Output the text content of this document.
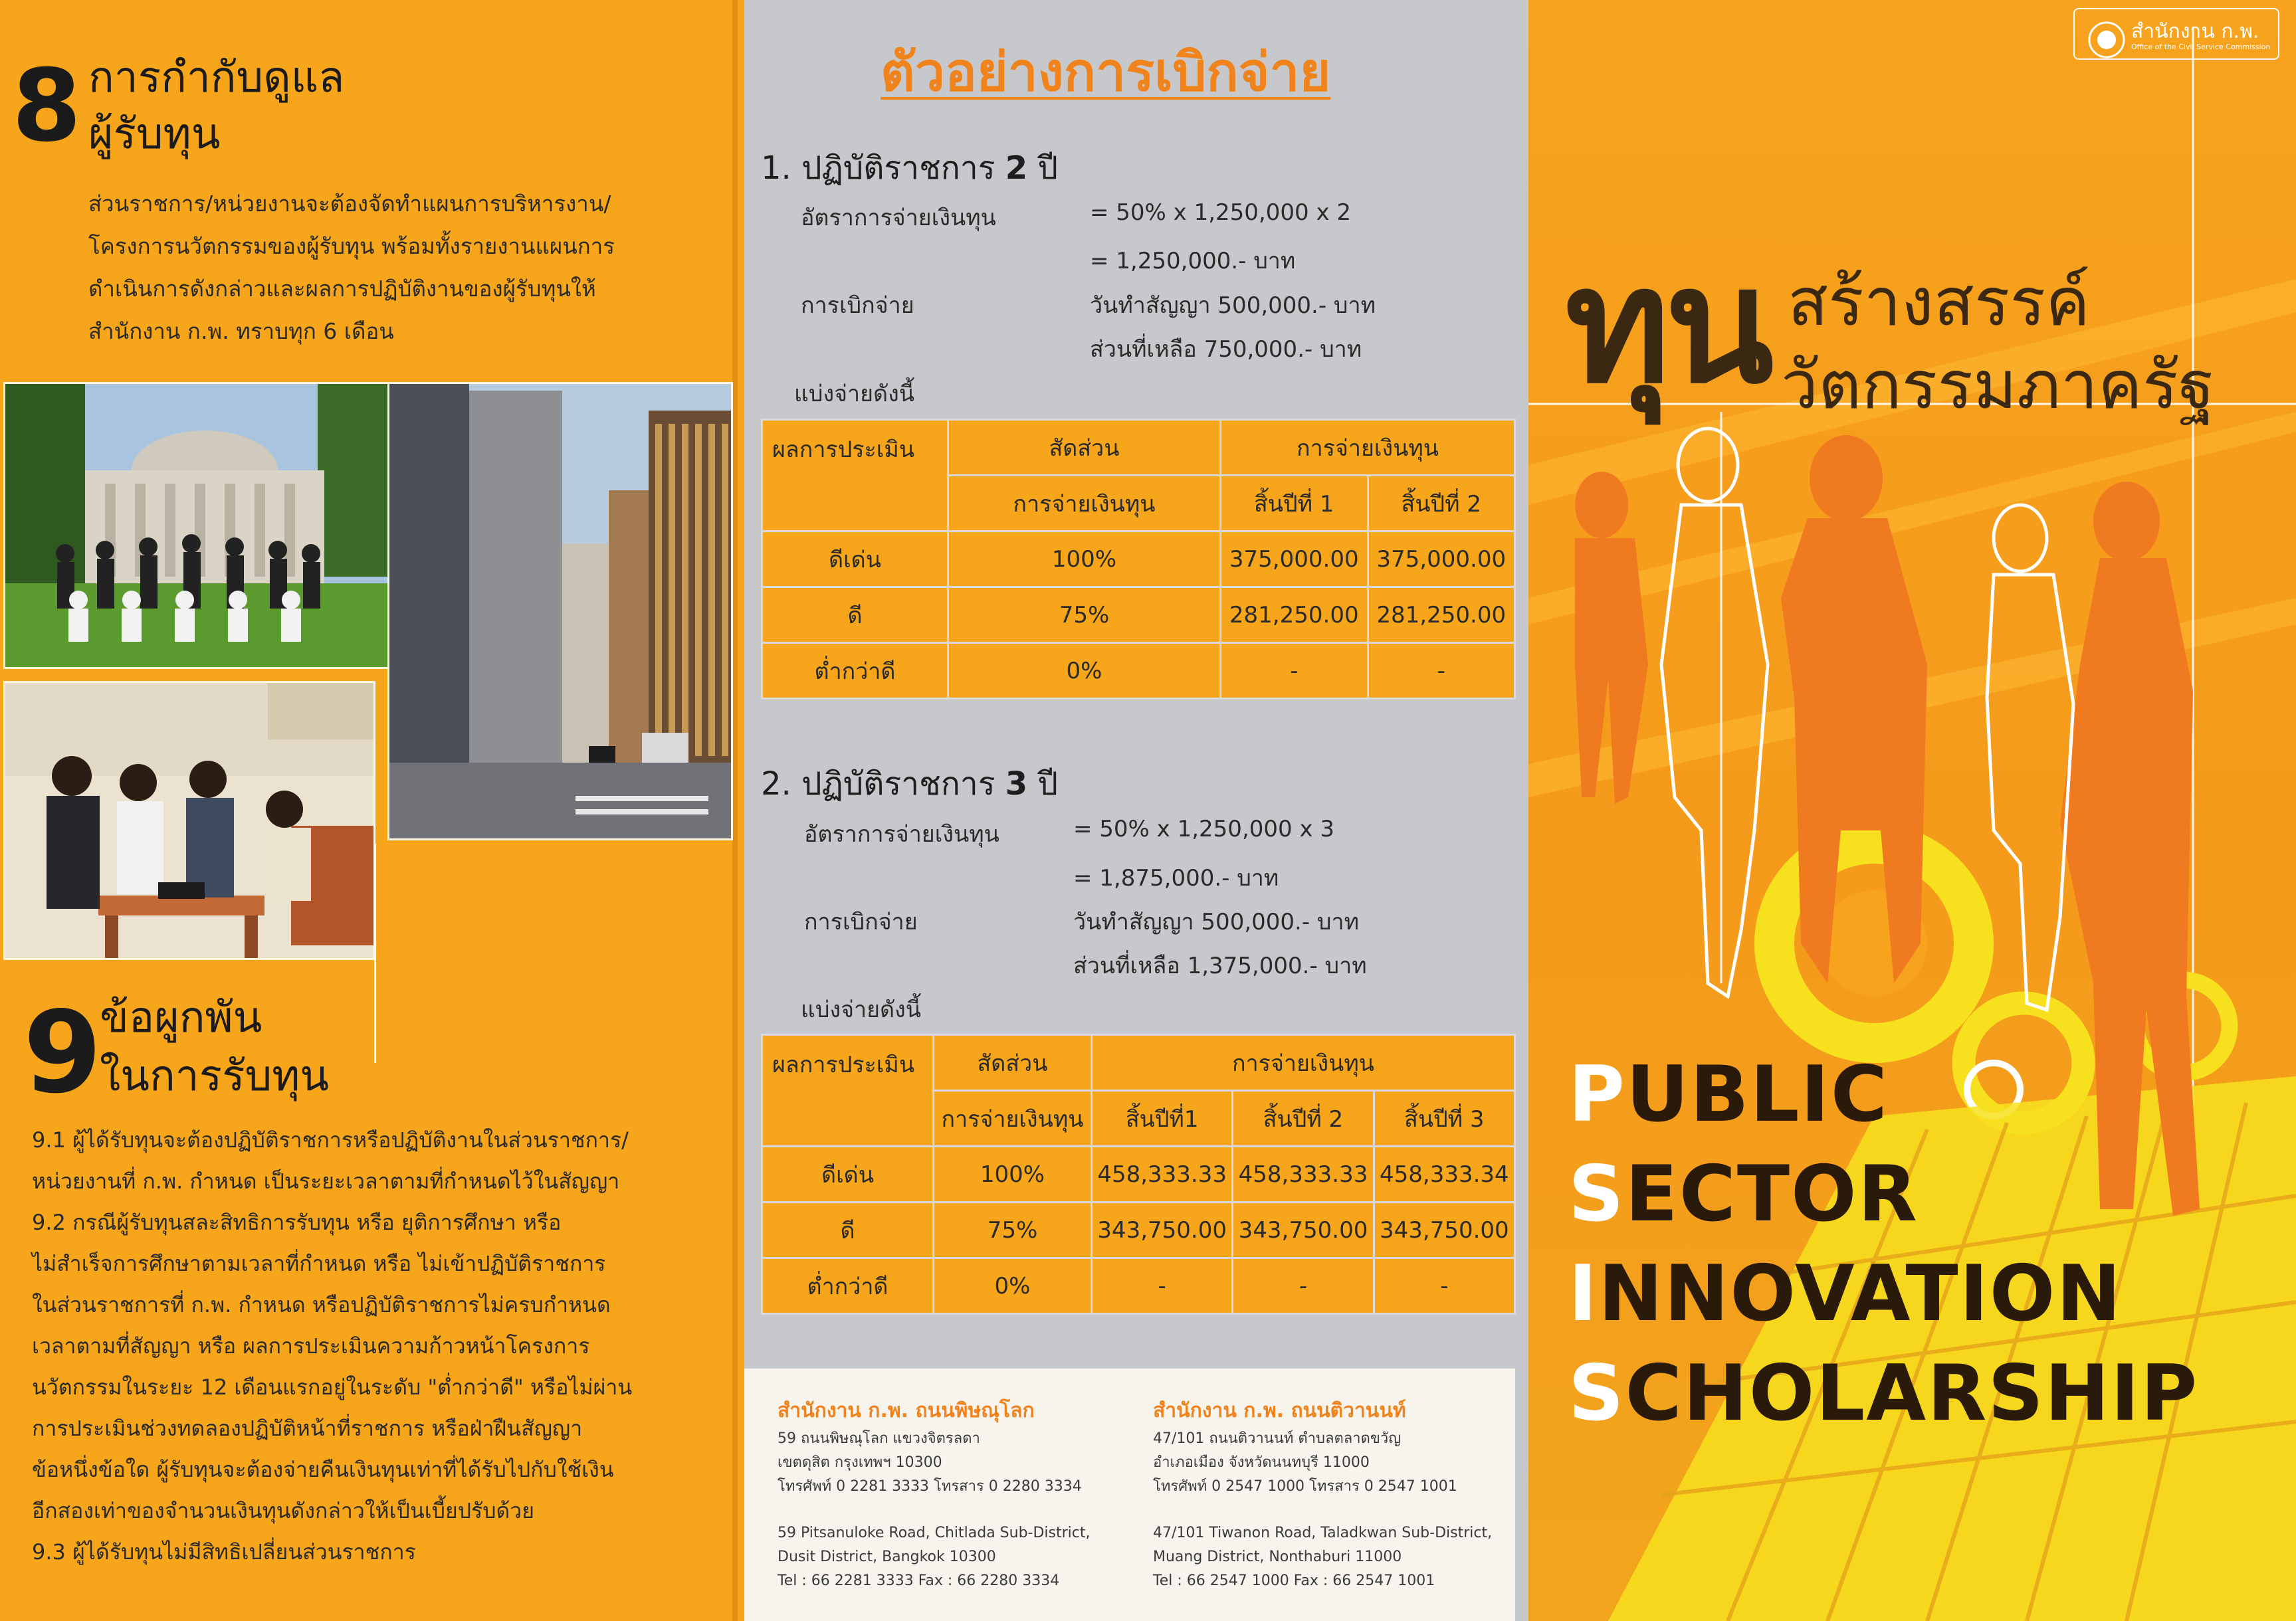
8 การกำกับดูแล
ผู้รับทุน
ส่วนราชการ/หน่วยงานจะต้องจัดทำแผนการบริหารงาน/
โครงการนวัตกรรมของผู้รับทุน พร้อมทั้งรายงานแผนการ
ดำเนินการดังกล่าวและผลการปฏิบัติงานของผู้รับทุนให้
สำนักงาน ก.พ. ทราบทุก 6 เดือน
9
ข้อผูกพัน
ในการรับทุน
9.1 ผู้ได้รับทุนจะต้องปฏิบัติราชการหรือปฏิบัติงานในส่วนราชการ/
หน่วยงานที่ ก.พ. กำหนด เป็นระยะเวลาตามที่กำหนดไว้ในสัญญา
9.2 กรณีผู้รับทุนสละสิทธิการรับทุน หรือ ยุติการศึกษา หรือ
ไม่สำเร็จการศึกษาตามเวลาที่กำหนด หรือ ไม่เข้าปฏิบัติราชการ
ในส่วนราชการที่ ก.พ. กำหนด หรือปฏิบัติราชการไม่ครบกำหนด
เวลาตามที่สัญญา หรือ ผลการประเมินความก้าวหน้าโครงการ
นวัตกรรมในระยะ 12 เดือนแรกอยู่ในระดับ "ต่ำกว่าดี" หรือไม่ผ่าน
การประเมินช่วงทดลองปฏิบัติหน้าที่ราชการ หรือฝ่าฝืนสัญญา
ข้อหนึ่งข้อใด ผู้รับทุนจะต้องจ่ายคืนเงินทุนเท่าที่ได้รับไปกับใช้เงิน
อีกสองเท่าของจำนวนเงินทุนดังกล่าวให้เป็นเบี้ยปรับด้วย
9.3 ผู้ได้รับทุนไม่มีสิทธิเปลี่ยนส่วนราชการ
ตัวอย่างการเบิกจ่าย
1. ปฏิบัติราชการ 2 ปี
อัตราการจ่ายเงินทุน	= 50% x 1,250,000 x 2
= 1,250,000.- บาท
การเบิกจ่าย	วันทำสัญญา 500,000.- บาท
ส่วนที่เหลือ 750,000.- บาท
แบ่งจ่ายดังนี้
ผลการประเมิน	สัดส่วน	การจ่ายเงินทุน	
	การจ่ายเงินทุน	สิ้นปีที่ 1	สิ้นปีที่ 2
ดีเด่น	100%	375,000.00	375,000.00
ดี	75%	281,250.00	281,250.00
ต่ำกว่าดี	0%	-	-
2. ปฏิบัติราชการ 3 ปี
อัตราการจ่ายเงินทุน	= 50% x 1,250,000 x 3
= 1,875,000.- บาท
การเบิกจ่าย	วันทำสัญญา 500,000.- บาท
ส่วนที่เหลือ 1,375,000.- บาท
แบ่งจ่ายดังนี้
ผลการประเมิน	สัดส่วน	การจ่ายเงินทุน		
	การจ่ายเงินทุน	สิ้นปีที่1	สิ้นปีที่ 2	สิ้นปีที่ 3
ดีเด่น	100%	458,333.33	458,333.33	458,333.34
ดี	75%	343,750.00	343,750.00	343,750.00
ต่ำกว่าดี	0%	-	-	-
สำนักงาน ก.พ. ถนนพิษณุโลก
59 ถนนพิษณุโลก แขวงจิตรลดา
เขตดุสิต กรุงเทพฯ 10300
โทรศัพท์ 0 2281 3333 โทรสาร 0 2280 3334
59 Pitsanuloke Road, Chitlada Sub-District,
Dusit District, Bangkok 10300
Tel : 66 2281 3333 Fax : 66 2280 3334
สำนักงาน ก.พ. ถนนติวานนท์
47/101 ถนนติวานนท์ ตำบลตลาดขวัญ
อำเภอเมือง จังหวัดนนทบุรี 11000
โทรศัพท์ 0 2547 1000 โทรสาร 0 2547 1001
47/101 Tiwanon Road, Taladkwan Sub-District,
Muang District, Nonthaburi 11000
Tel : 66 2547 1000 Fax : 66 2547 1001
สำนักงาน ก.พ.
Office of the Civil Service Commission
ทุน สร้างสรรค์
วัตกรรมภาครัฐ
PUBLIC
SECTOR
INNOVATION
SCHOLARSHIP
